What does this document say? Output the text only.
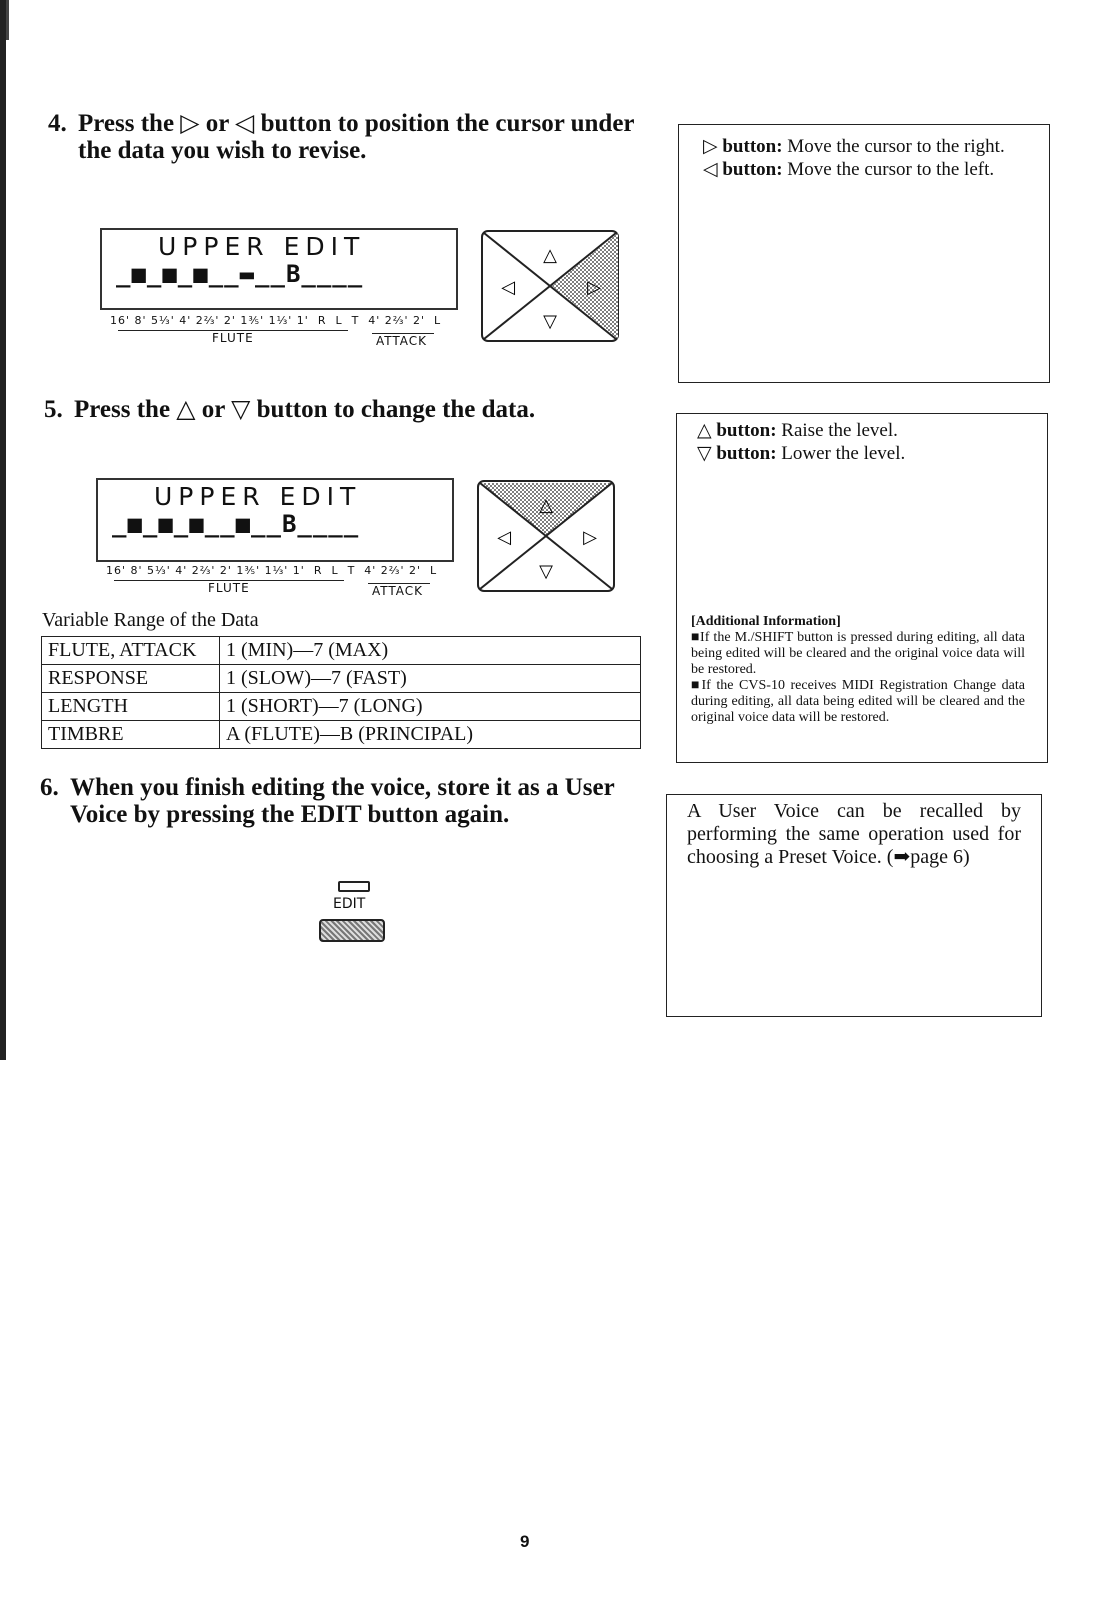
4. Press the ▷ or ◁ button to position the cursor under
the data you wish to revise.	▷ button: Move the cursor to the right.
◁ button: Move the cursor to the left.
UPPER EDIT
_■_■_■__▬__B____
16' 8' 5⅓' 4' 2⅔' 2' 1⅗' 1⅓' 1'  R  L  T  4' 2⅔' 2'  L
FLUTE	ATTACK
△
▽
◁	▷
5. Press the △ or ▽ button to change the data.
△ button: Raise the level.
▽ button: Lower the level.
[Additional Information]
■If the M./SHIFT button is pressed during editing, all data being edited will be cleared and the original voice data will be restored.
■If the CVS-10 receives MIDI Registration Change data during editing, all data being edited will be cleared and the original voice data will be restored.
UPPER EDIT
_■_■_■__■__B____
16' 8' 5⅓' 4' 2⅔' 2' 1⅗' 1⅓' 1'  R  L  T  4' 2⅔' 2'  L
FLUTE	ATTACK
△
▽
◁	▷
Variable Range of the Data
FLUTE, ATTACK	1 (MIN)—7 (MAX)
RESPONSE	1 (SLOW)—7 (FAST)
LENGTH	1 (SHORT)—7 (LONG)
TIMBRE	A (FLUTE)—B (PRINCIPAL)
6. When you finish editing the voice, store it as a User
Voice by pressing the EDIT button again.	A User Voice can be recalled by performing the same operation used for choosing a Preset Voice. (➡page 6)
EDIT
9
